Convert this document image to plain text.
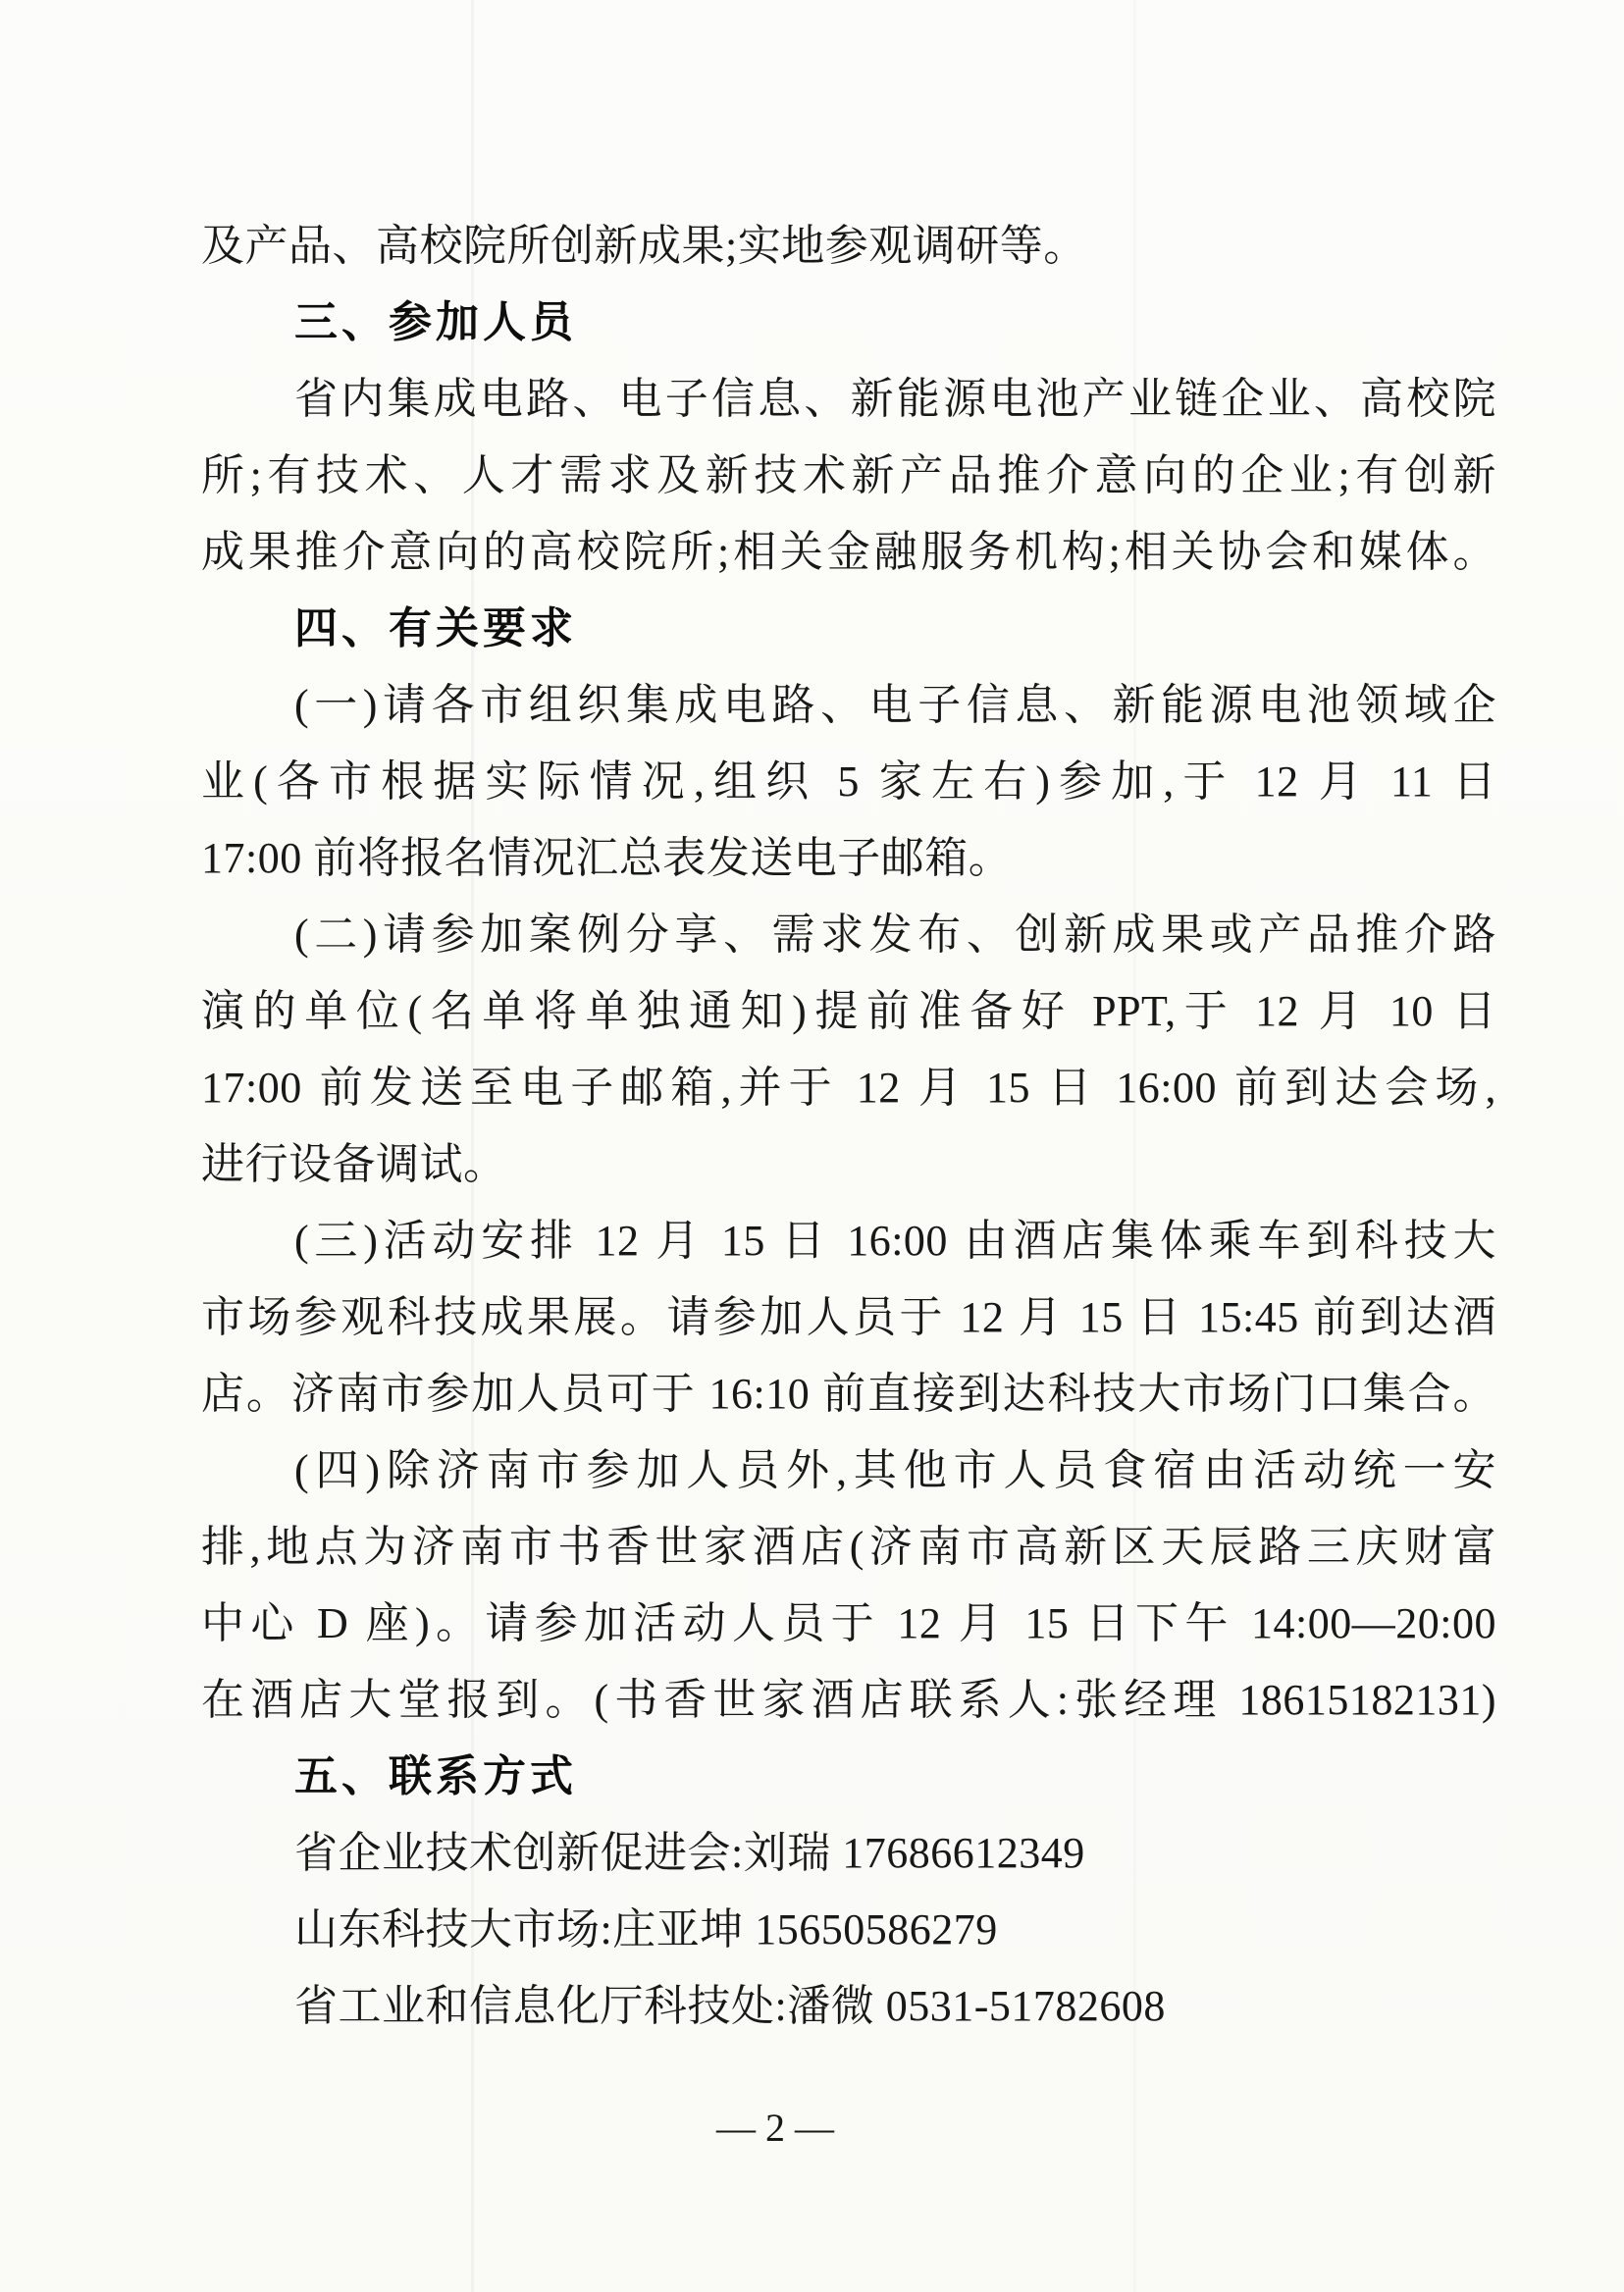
及产品、高校院所创新成果;实地参观调研等。
三、参加人员
省内集成电路、电子信息、新能源电池产业链企业、高校院
所;有技术、人才需求及新技术新产品推介意向的企业;有创新
成果推介意向的高校院所;相关金融服务机构;相关协会和媒体。
四、有关要求
(一)请各市组织集成电路、电子信息、新能源电池领域企
业(各市根据实际情况,组织 5 家左右)参加,于 12 月 11 日
17:00 前将报名情况汇总表发送电子邮箱。
(二)请参加案例分享、需求发布、创新成果或产品推介路
演的单位(名单将单独通知)提前准备好 PPT,于 12 月 10 日
17:00 前发送至电子邮箱,并于 12 月 15 日 16:00 前到达会场,
进行设备调试。
(三)活动安排 12 月 15 日 16:00 由酒店集体乘车到科技大
市场参观科技成果展。请参加人员于 12 月 15 日 15:45 前到达酒
店。济南市参加人员可于 16:10 前直接到达科技大市场门口集合。
(四)除济南市参加人员外,其他市人员食宿由活动统一安
排,地点为济南市书香世家酒店(济南市高新区天辰路三庆财富
中心 D 座)。请参加活动人员于 12 月 15 日下午 14:00—20:00
在酒店大堂报到。(书香世家酒店联系人:张经理 18615182131)
五、联系方式
省企业技术创新促进会:刘瑞 17686612349
山东科技大市场:庄亚坤 15650586279
省工业和信息化厅科技处:潘微 0531-51782608
—2—
